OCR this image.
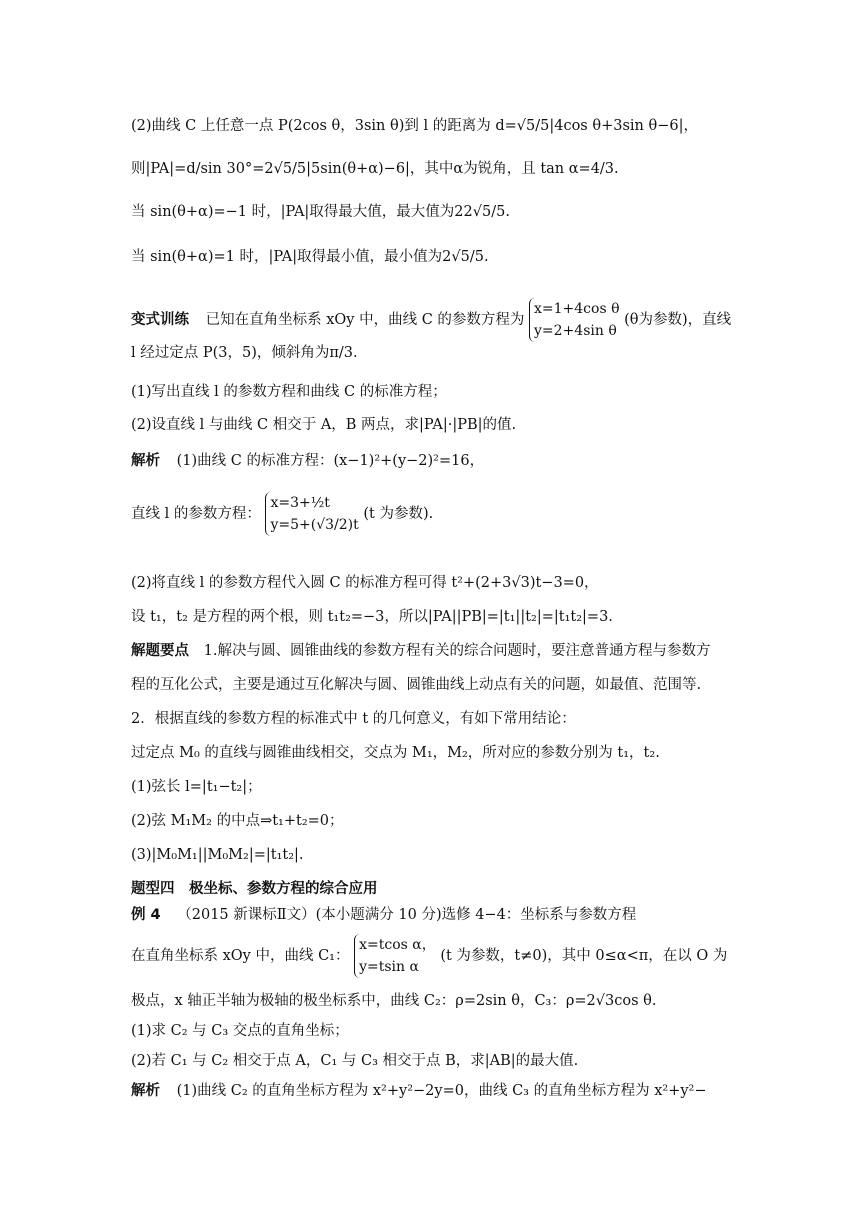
(2)曲线 C 上任意一点 P(2cos θ，3sin θ)到 l 的距离为 d=√5/5|4cos θ+3sin θ−6|，
则|PA|=d/sin 30°=2√5/5|5sin(θ+α)−6|，其中α为锐角，且 tan α=4/3.
当 sin(θ+α)=−1 时，|PA|取得最大值，最大值为22√5/5.
当 sin(θ+α)=1 时，|PA|取得最小值，最小值为2√5/5.
变式训练 已知在直角坐标系 xOy 中，曲线 C 的参数方程为
x=1+4cos θ
y=2+4sin θ
(θ为参数)，直线
l 经过定点 P(3，5)，倾斜角为π/3.
(1)写出直线 l 的参数方程和曲线 C 的标准方程；
(2)设直线 l 与曲线 C 相交于 A，B 两点，求|PA|·|PB|的值.
解析 (1)曲线 C 的标准方程：(x−1)²+(y−2)²=16，
直线 l 的参数方程：
x=3+½t
y=5+(√3/2)t
(t 为参数).
(2)将直线 l 的参数方程代入圆 C 的标准方程可得 t²+(2+3√3)t−3=0，
设 t₁，t₂ 是方程的两个根，则 t₁t₂=−3，所以|PA||PB|=|t₁||t₂|=|t₁t₂|=3.
解题要点 1.解决与圆、圆锥曲线的参数方程有关的综合问题时，要注意普通方程与参数方
程的互化公式，主要是通过互化解决与圆、圆锥曲线上动点有关的问题，如最值、范围等.
2．根据直线的参数方程的标准式中 t 的几何意义，有如下常用结论：
过定点 M₀ 的直线与圆锥曲线相交，交点为 M₁，M₂，所对应的参数分别为 t₁，t₂.
(1)弦长 l=|t₁−t₂|；
(2)弦 M₁M₂ 的中点⇒t₁+t₂=0；
(3)|M₀M₁||M₀M₂|=|t₁t₂|.
题型四　极坐标、参数方程的综合应用
例 4 （2015 新课标Ⅱ文）(本小题满分 10 分)选修 4−4：坐标系与参数方程
在直角坐标系 xOy 中，曲线 C₁：
x=tcos α，
y=tsin α
(t 为参数，t≠0)，其中 0≤α<π，在以 O 为
极点，x 轴正半轴为极轴的极坐标系中，曲线 C₂：ρ=2sin θ，C₃：ρ=2√3cos θ.
(1)求 C₂ 与 C₃ 交点的直角坐标；
(2)若 C₁ 与 C₂ 相交于点 A，C₁ 与 C₃ 相交于点 B，求|AB|的最大值.
解析 (1)曲线 C₂ 的直角坐标方程为 x²+y²−2y=0，曲线 C₃ 的直角坐标方程为 x²+y²−
